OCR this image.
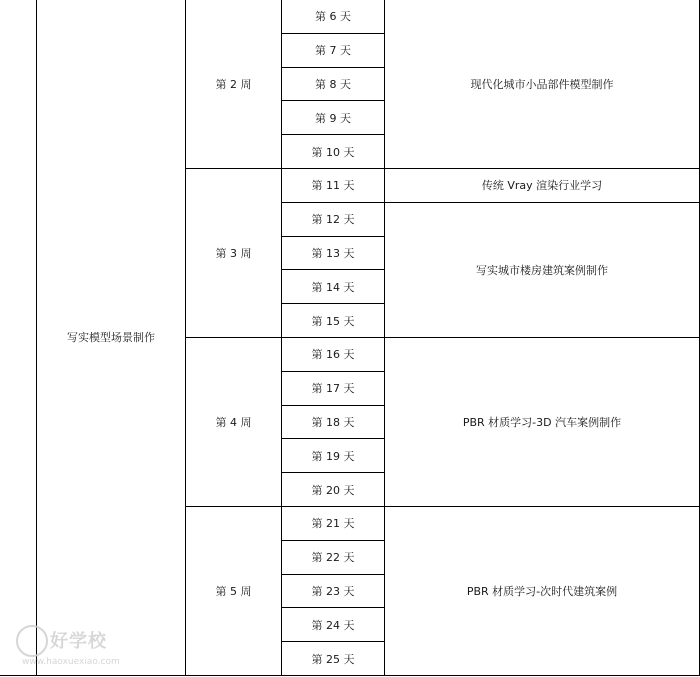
	写实模型场景制作	第 2 周	第 6 天	现代化城市小品部件模型制作
			第 7 天	
			第 8 天	
			第 9 天	
			第 10 天	
		第 3 周	第 11 天	传统 Vray 渲染行业学习
			第 12 天	写实城市楼房建筑案例制作
			第 13 天	
			第 14 天	
			第 15 天	
		第 4 周	第 16 天	PBR 材质学习-3D 汽车案例制作
			第 17 天	
			第 18 天	
			第 19 天	
			第 20 天	
		第 5 周	第 21 天	PBR 材质学习-次时代建筑案例
			第 22 天	
			第 23 天	
			第 24 天	
			第 25 天	
好学校
www.haoxuexiao.com
